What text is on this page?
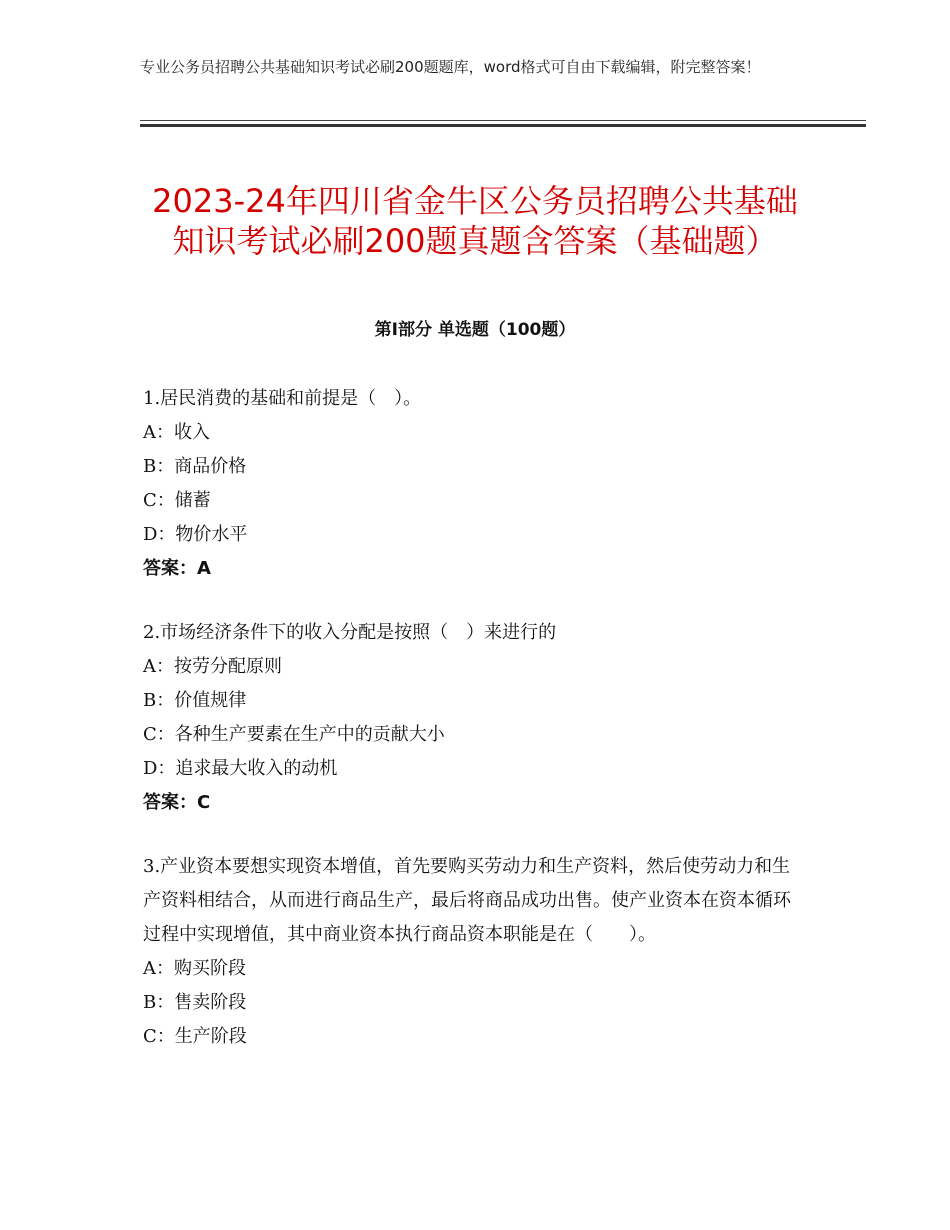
专业公务员招聘公共基础知识考试必刷200题题库，word格式可自由下载编辑，附完整答案！
2023-24年四川省金牛区公务员招聘公共基础知识考试必刷200题真题含答案（基础题）
第Ⅰ部分 单选题（100题）
1.居民消费的基础和前提是（　）。
A：收入
B：商品价格
C：储蓄
D：物价水平
答案：A
2.市场经济条件下的收入分配是按照（　）来进行的
A：按劳分配原则
B：价值规律
C：各种生产要素在生产中的贡献大小
D：追求最大收入的动机
答案：C
3.产业资本要想实现资本增值，首先要购买劳动力和生产资料，然后使劳动力和生产资料相结合，从而进行商品生产，最后将商品成功出售。使产业资本在资本循环过程中实现增值，其中商业资本执行商品资本职能是在（　　）。
A：购买阶段
B：售卖阶段
C：生产阶段
